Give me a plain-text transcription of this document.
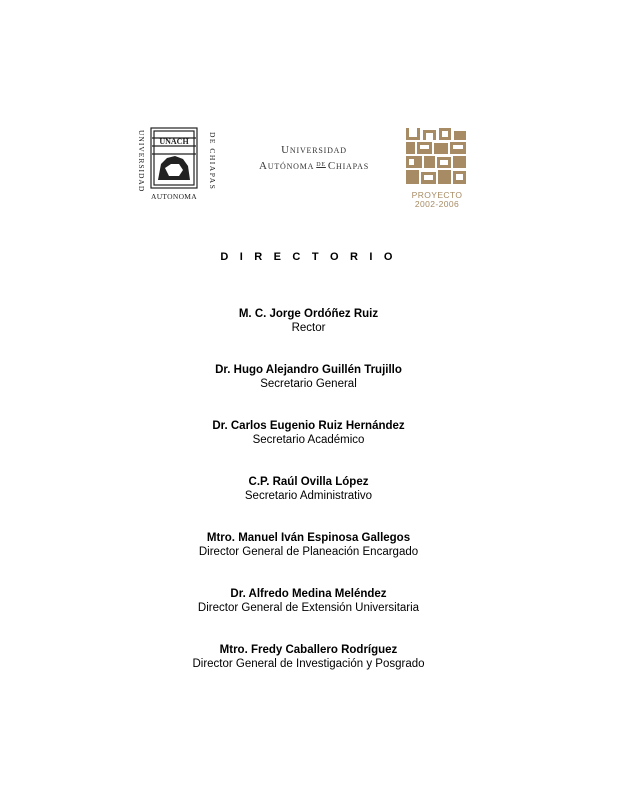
UNIVERSIDAD	DE CHIAPAS
AUTONOMA
UNACH
Universidad
Autónoma $^{de}$ Chiapas
PROYECTO
2002-2006
D I R E C T O R I O
M. C. Jorge Ordóñez Ruiz
Rector
Dr. Hugo Alejandro Guillén Trujillo
Secretario General
Dr. Carlos Eugenio Ruiz Hernández
Secretario Académico
C.P. Raúl Ovilla López
Secretario Administrativo
Mtro. Manuel Iván Espinosa Gallegos
Director General de Planeación Encargado
Dr. Alfredo Medina Meléndez
Director General de Extensión Universitaria
Mtro. Fredy Caballero Rodríguez
Director General de Investigación y Posgrado
